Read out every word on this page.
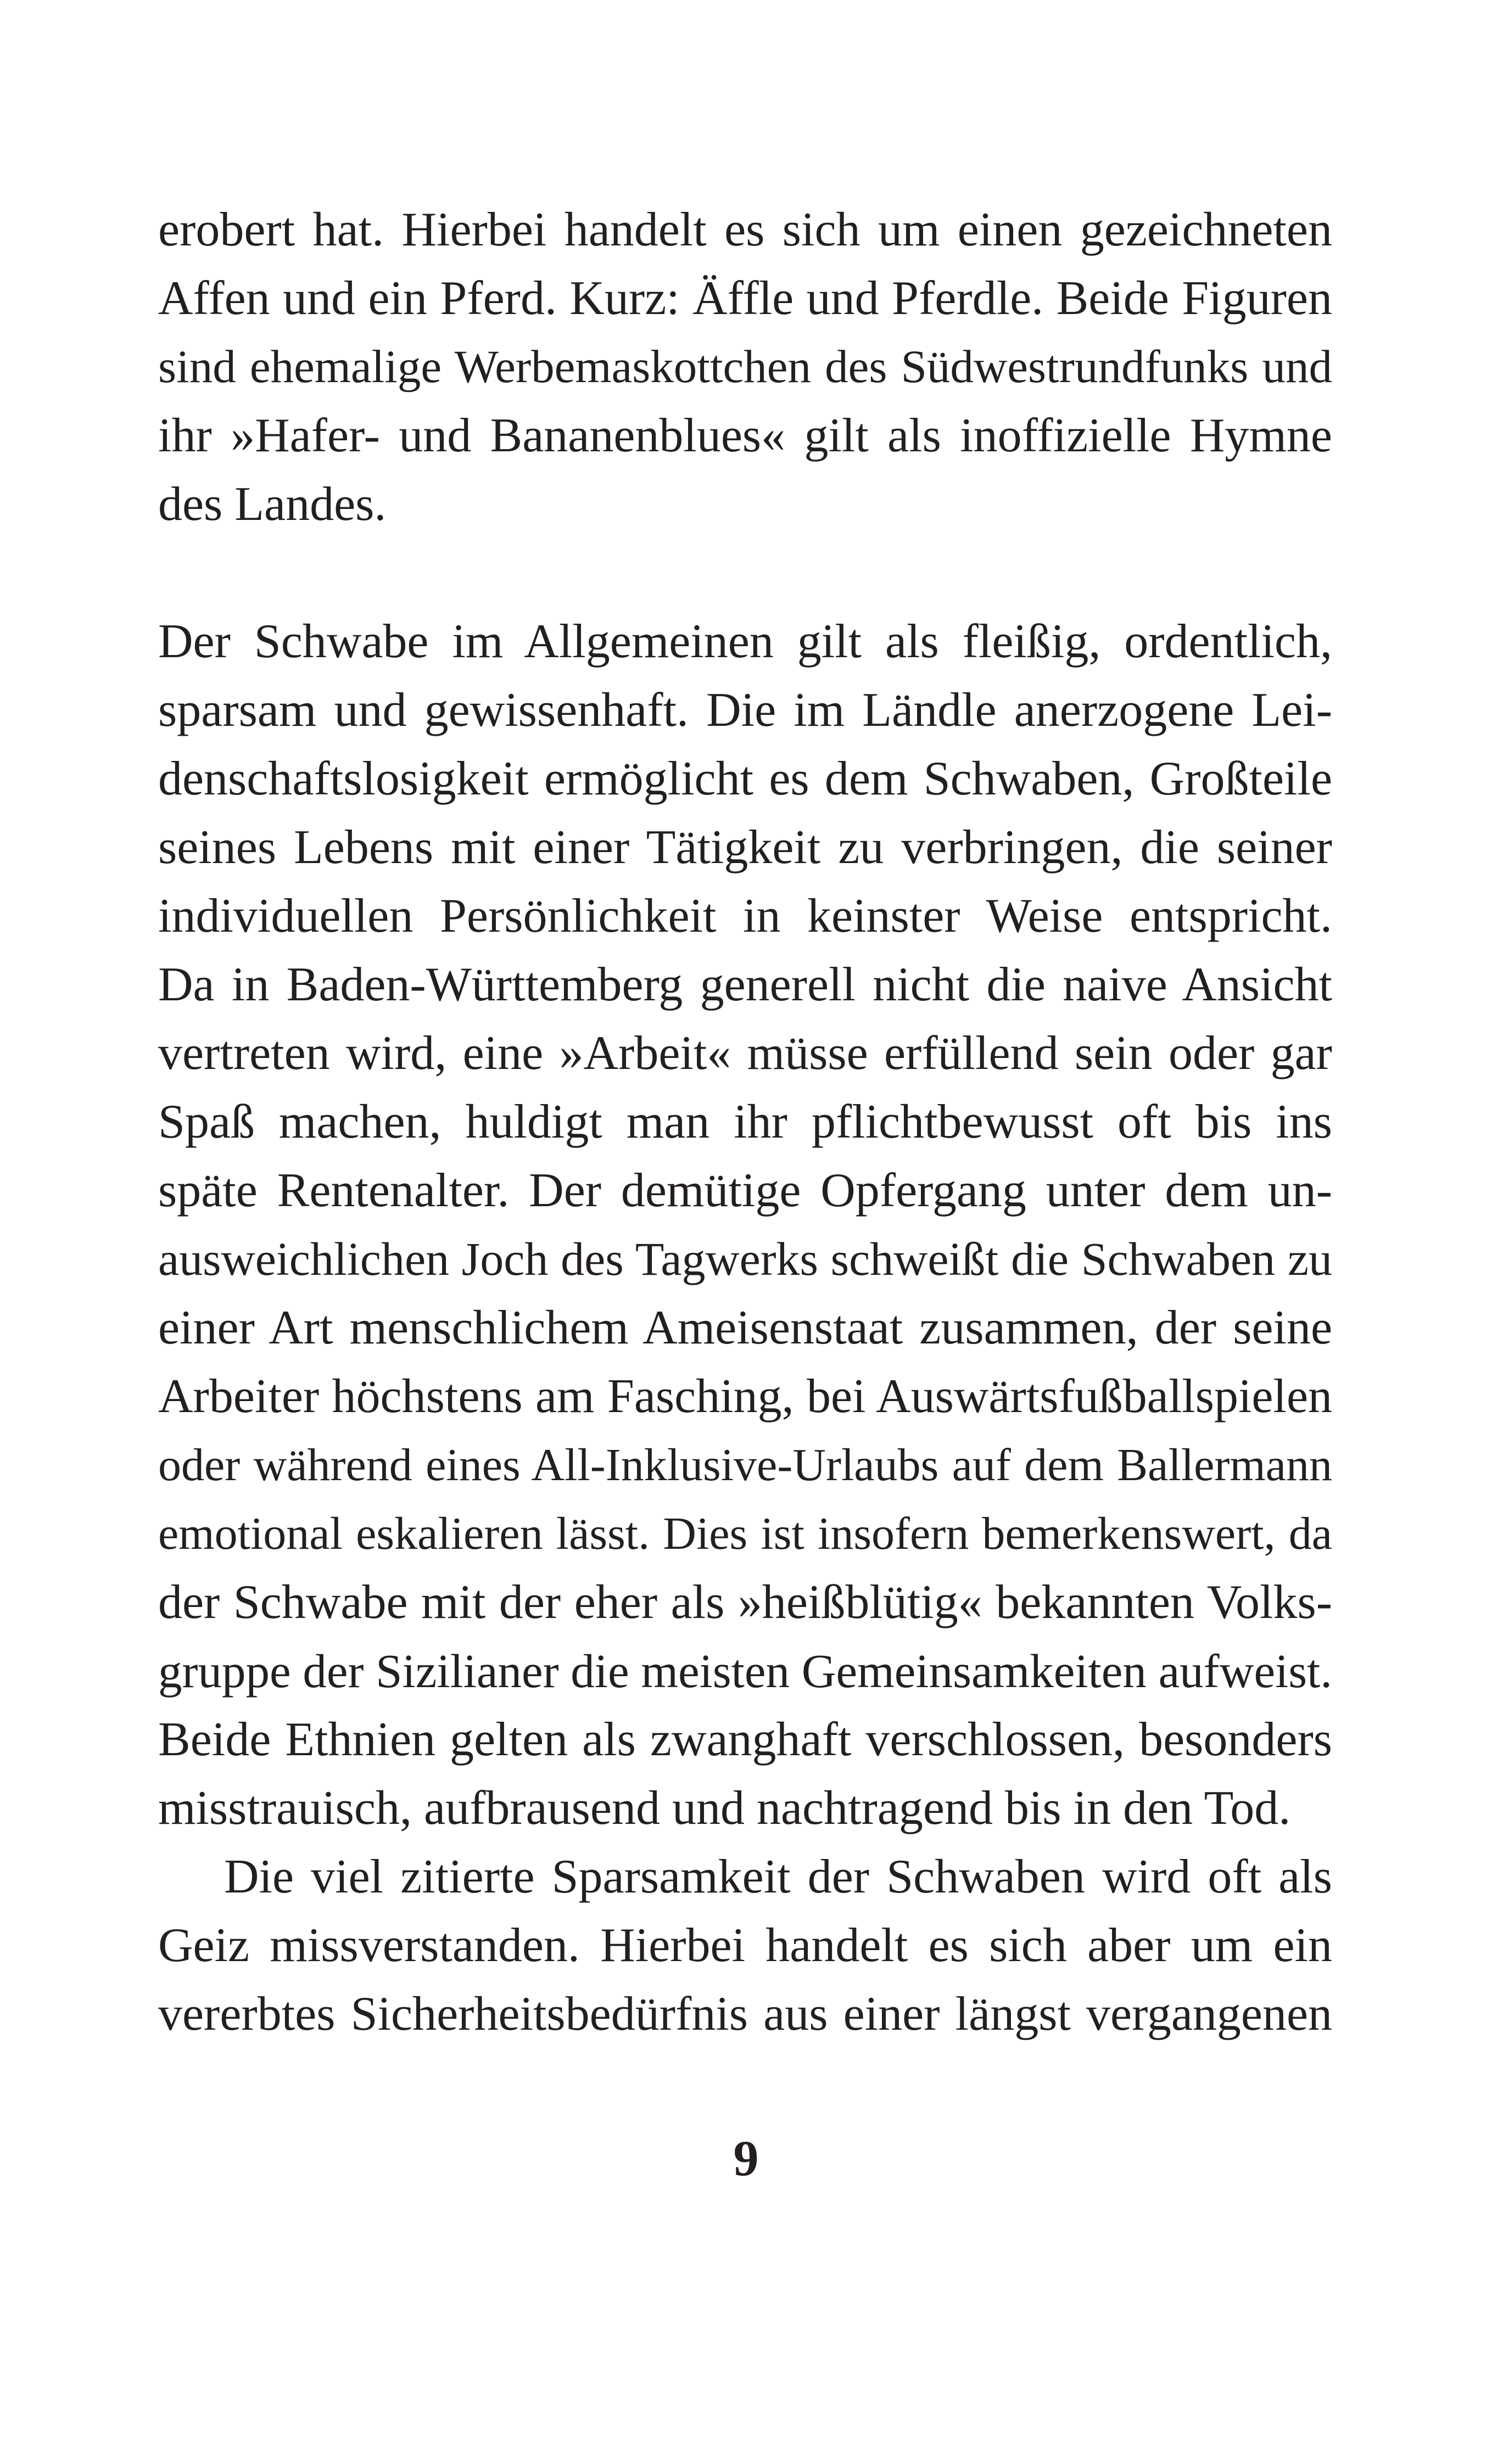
erobert hat. Hierbei handelt es sich um einen gezeichneten
Affen und ein Pferd. Kurz: Äffle und Pferdle. Beide Figuren
sind ehemalige Werbemaskottchen des Südwestrundfunks und
ihr »Hafer- und Bananenblues« gilt als inoffizielle Hymne
des Landes.
Der Schwabe im Allgemeinen gilt als fleißig, ordentlich,
sparsam und gewissenhaft. Die im Ländle anerzogene Lei-
denschaftslosigkeit ermöglicht es dem Schwaben, Großteile
seines Lebens mit einer Tätigkeit zu verbringen, die seiner
individuellen Persönlichkeit in keinster Weise entspricht.
Da in Baden-Württemberg generell nicht die naive Ansicht
vertreten wird, eine »Arbeit« müsse erfüllend sein oder gar
Spaß machen, huldigt man ihr pflichtbewusst oft bis ins
späte Rentenalter. Der demütige Opfergang unter dem un-
ausweichlichen Joch des Tagwerks schweißt die Schwaben zu
einer Art menschlichem Ameisenstaat zusammen, der seine
Arbeiter höchstens am Fasching, bei Auswärtsfußballspielen
oder während eines All-Inklusive-Urlaubs auf dem Ballermann
emotional eskalieren lässt. Dies ist insofern bemerkenswert, da
der Schwabe mit der eher als »heißblütig« bekannten Volks-
gruppe der Sizilianer die meisten Gemeinsamkeiten aufweist.
Beide Ethnien gelten als zwanghaft verschlossen, besonders
misstrauisch, aufbrausend und nachtragend bis in den Tod.
Die viel zitierte Sparsamkeit der Schwaben wird oft als
Geiz missverstanden. Hierbei handelt es sich aber um ein
vererbtes Sicherheitsbedürfnis aus einer längst vergangenen
9
